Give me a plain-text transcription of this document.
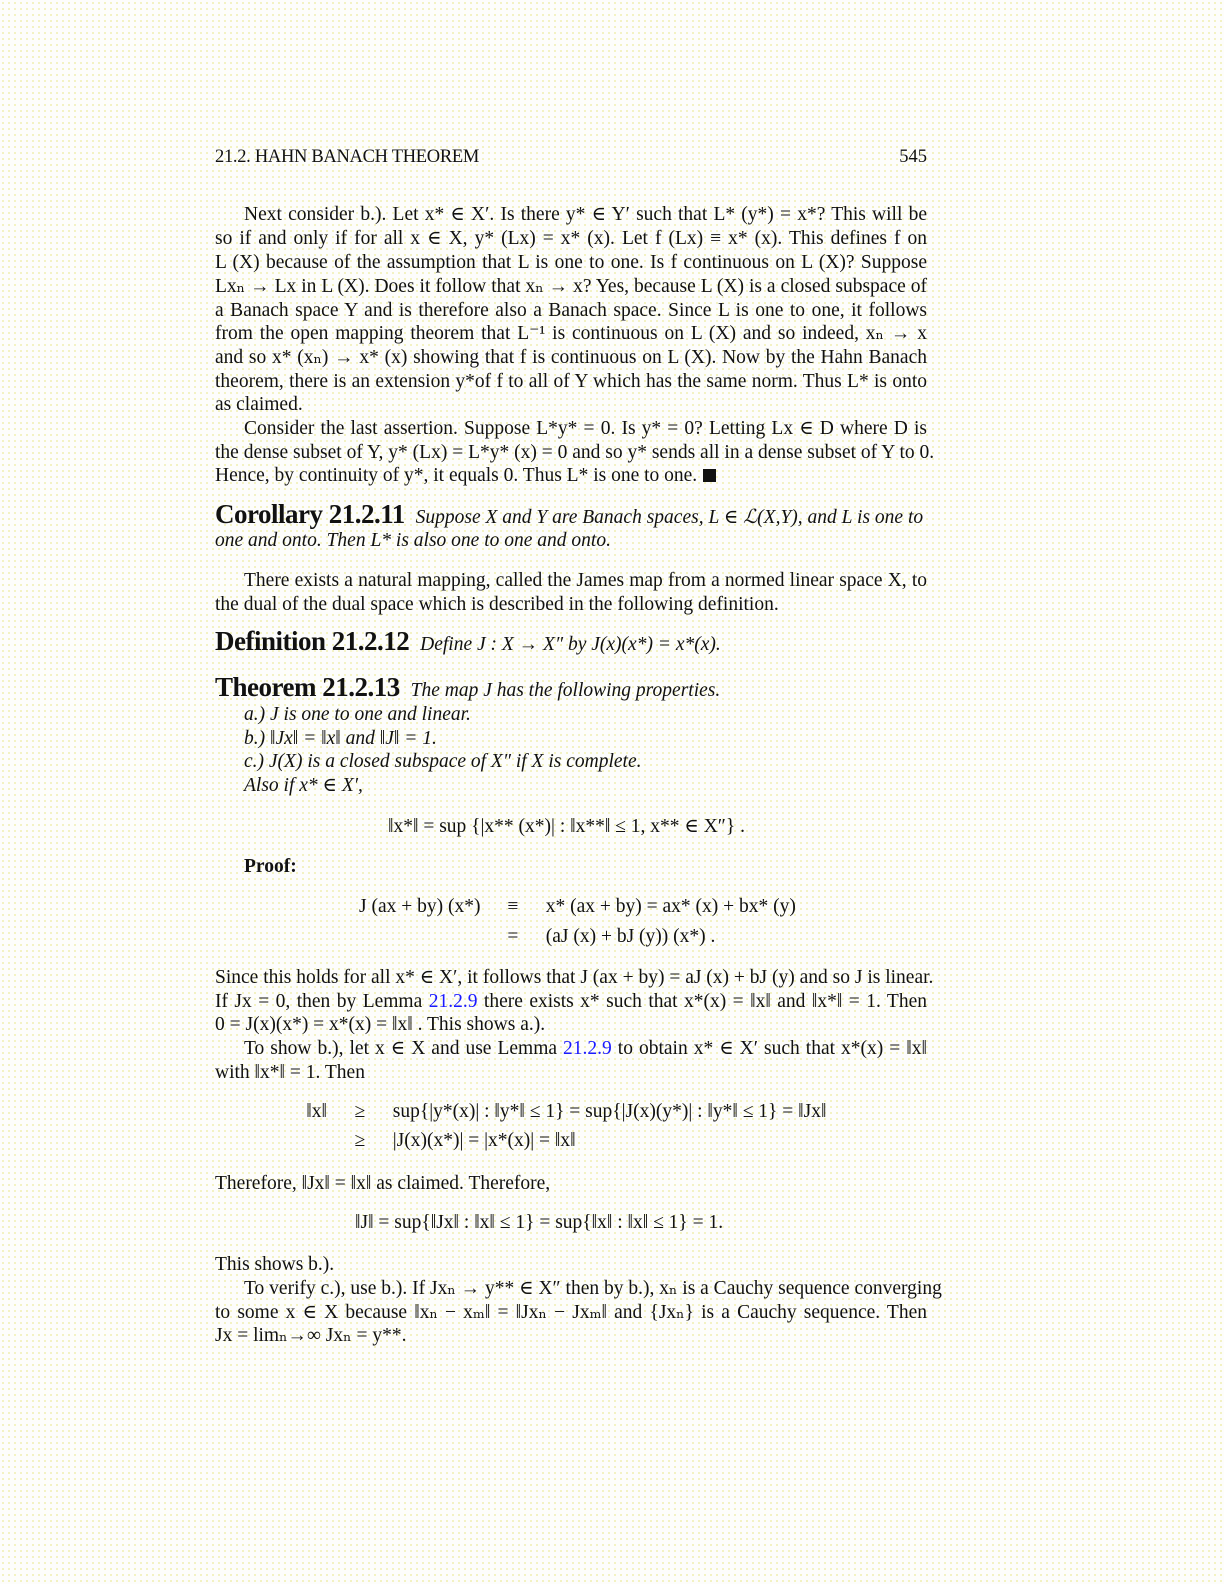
21.2. HAHN BANACH THEOREM	545
Next consider b.). Let x* ∈ X′. Is there y* ∈ Y′ such that L* (y*) = x*? This will be
so if and only if for all x ∈ X, y* (Lx) = x* (x). Let f (Lx) ≡ x* (x). This defines f on
L (X) because of the assumption that L is one to one. Is f continuous on L (X)? Suppose
Lxₙ → Lx in L (X). Does it follow that xₙ → x? Yes, because L (X) is a closed subspace of
a Banach space Y and is therefore also a Banach space. Since L is one to one, it follows
from the open mapping theorem that L⁻¹ is continuous on L (X) and so indeed, xₙ → x
and so x* (xₙ) → x* (x) showing that f is continuous on L (X). Now by the Hahn Banach
theorem, there is an extension y*of f to all of Y which has the same norm. Thus L* is onto
as claimed.
Consider the last assertion. Suppose L*y* = 0. Is y* = 0? Letting Lx ∈ D where D is
the dense subset of Y, y* (Lx) = L*y* (x) = 0 and so y* sends all in a dense subset of Y to 0.
Hence, by continuity of y*, it equals 0. Thus L* is one to one.
Corollary 21.2.11 Suppose X and Y are Banach spaces, L ∈ ℒ(X,Y), and L is one to
one and onto. Then L* is also one to one and onto.
There exists a natural mapping, called the James map from a normed linear space X, to
the dual of the dual space which is described in the following definition.
Definition 21.2.12 Define J : X → X″ by J(x)(x*) = x*(x).
Theorem 21.2.13 The map J has the following properties.
a.) J is one to one and linear.
b.) ‖Jx‖ = ‖x‖ and ‖J‖ = 1.
c.) J(X) is a closed subspace of X″ if X is complete.
Also if x* ∈ X′,
‖x*‖ = sup {|x** (x*)| : ‖x**‖ ≤ 1, x** ∈ X″} .
Proof:
J (ax + by) (x*) ≡ x* (ax + by) = ax* (x) + bx* (y)
= (aJ (x) + bJ (y)) (x*) .
Since this holds for all x* ∈ X′, it follows that J (ax + by) = aJ (x) + bJ (y) and so J is linear.
If Jx = 0, then by Lemma 21.2.9 there exists x* such that x*(x) = ‖x‖ and ‖x*‖ = 1. Then
0 = J(x)(x*) = x*(x) = ‖x‖ . This shows a.).
To show b.), let x ∈ X and use Lemma 21.2.9 to obtain x* ∈ X′ such that x*(x) = ‖x‖
with ‖x*‖ = 1. Then
‖x‖ ≥ sup{|y*(x)| : ‖y*‖ ≤ 1} = sup{|J(x)(y*)| : ‖y*‖ ≤ 1} = ‖Jx‖
≥ |J(x)(x*)| = |x*(x)| = ‖x‖
Therefore, ‖Jx‖ = ‖x‖ as claimed. Therefore,
‖J‖ = sup{‖Jx‖ : ‖x‖ ≤ 1} = sup{‖x‖ : ‖x‖ ≤ 1} = 1.
This shows b.).
To verify c.), use b.). If Jxₙ → y** ∈ X″ then by b.), xₙ is a Cauchy sequence converging
to some x ∈ X because ‖xₙ − xₘ‖ = ‖Jxₙ − Jxₘ‖ and {Jxₙ} is a Cauchy sequence. Then
Jx = limₙ→∞ Jxₙ = y**.
